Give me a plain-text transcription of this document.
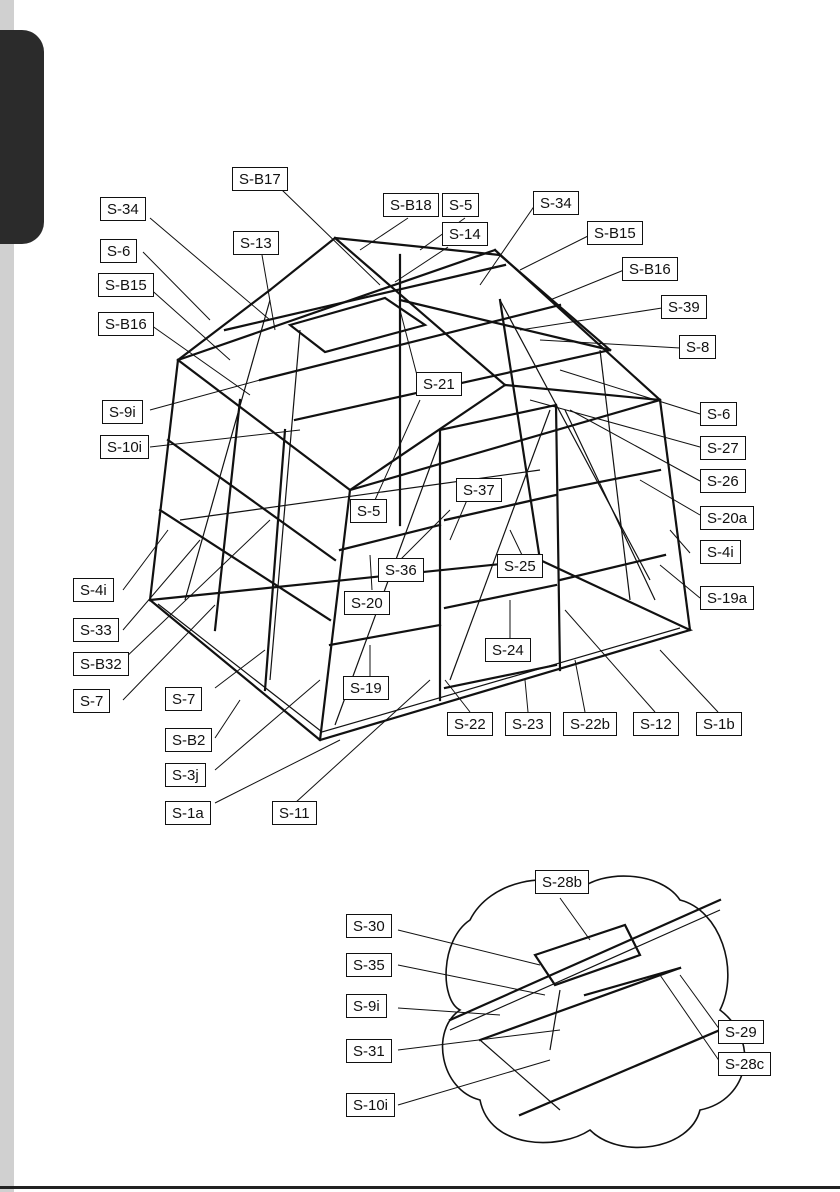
S-B17
S-34	S-B18	S-5	S-34
S-14
S-13
S-B15
S-6
S-B16
S-B15
S-39
S-B16
S-8
S-21
S-9i	S-6
S-10i	S-27
S-26
S-37
S-5	S-20a
S-4i
S-36	S-25
S-4i	S-19a
S-20
S-33
S-24
S-B32
S-7	S-7
S-19
S-22	S-23	S-22b	S-12	S-1b
S-B2
S-3j
S-1a	S-11
S-28b
S-30
S-35
S-9i
S-29
S-31
S-28c
S-10i
